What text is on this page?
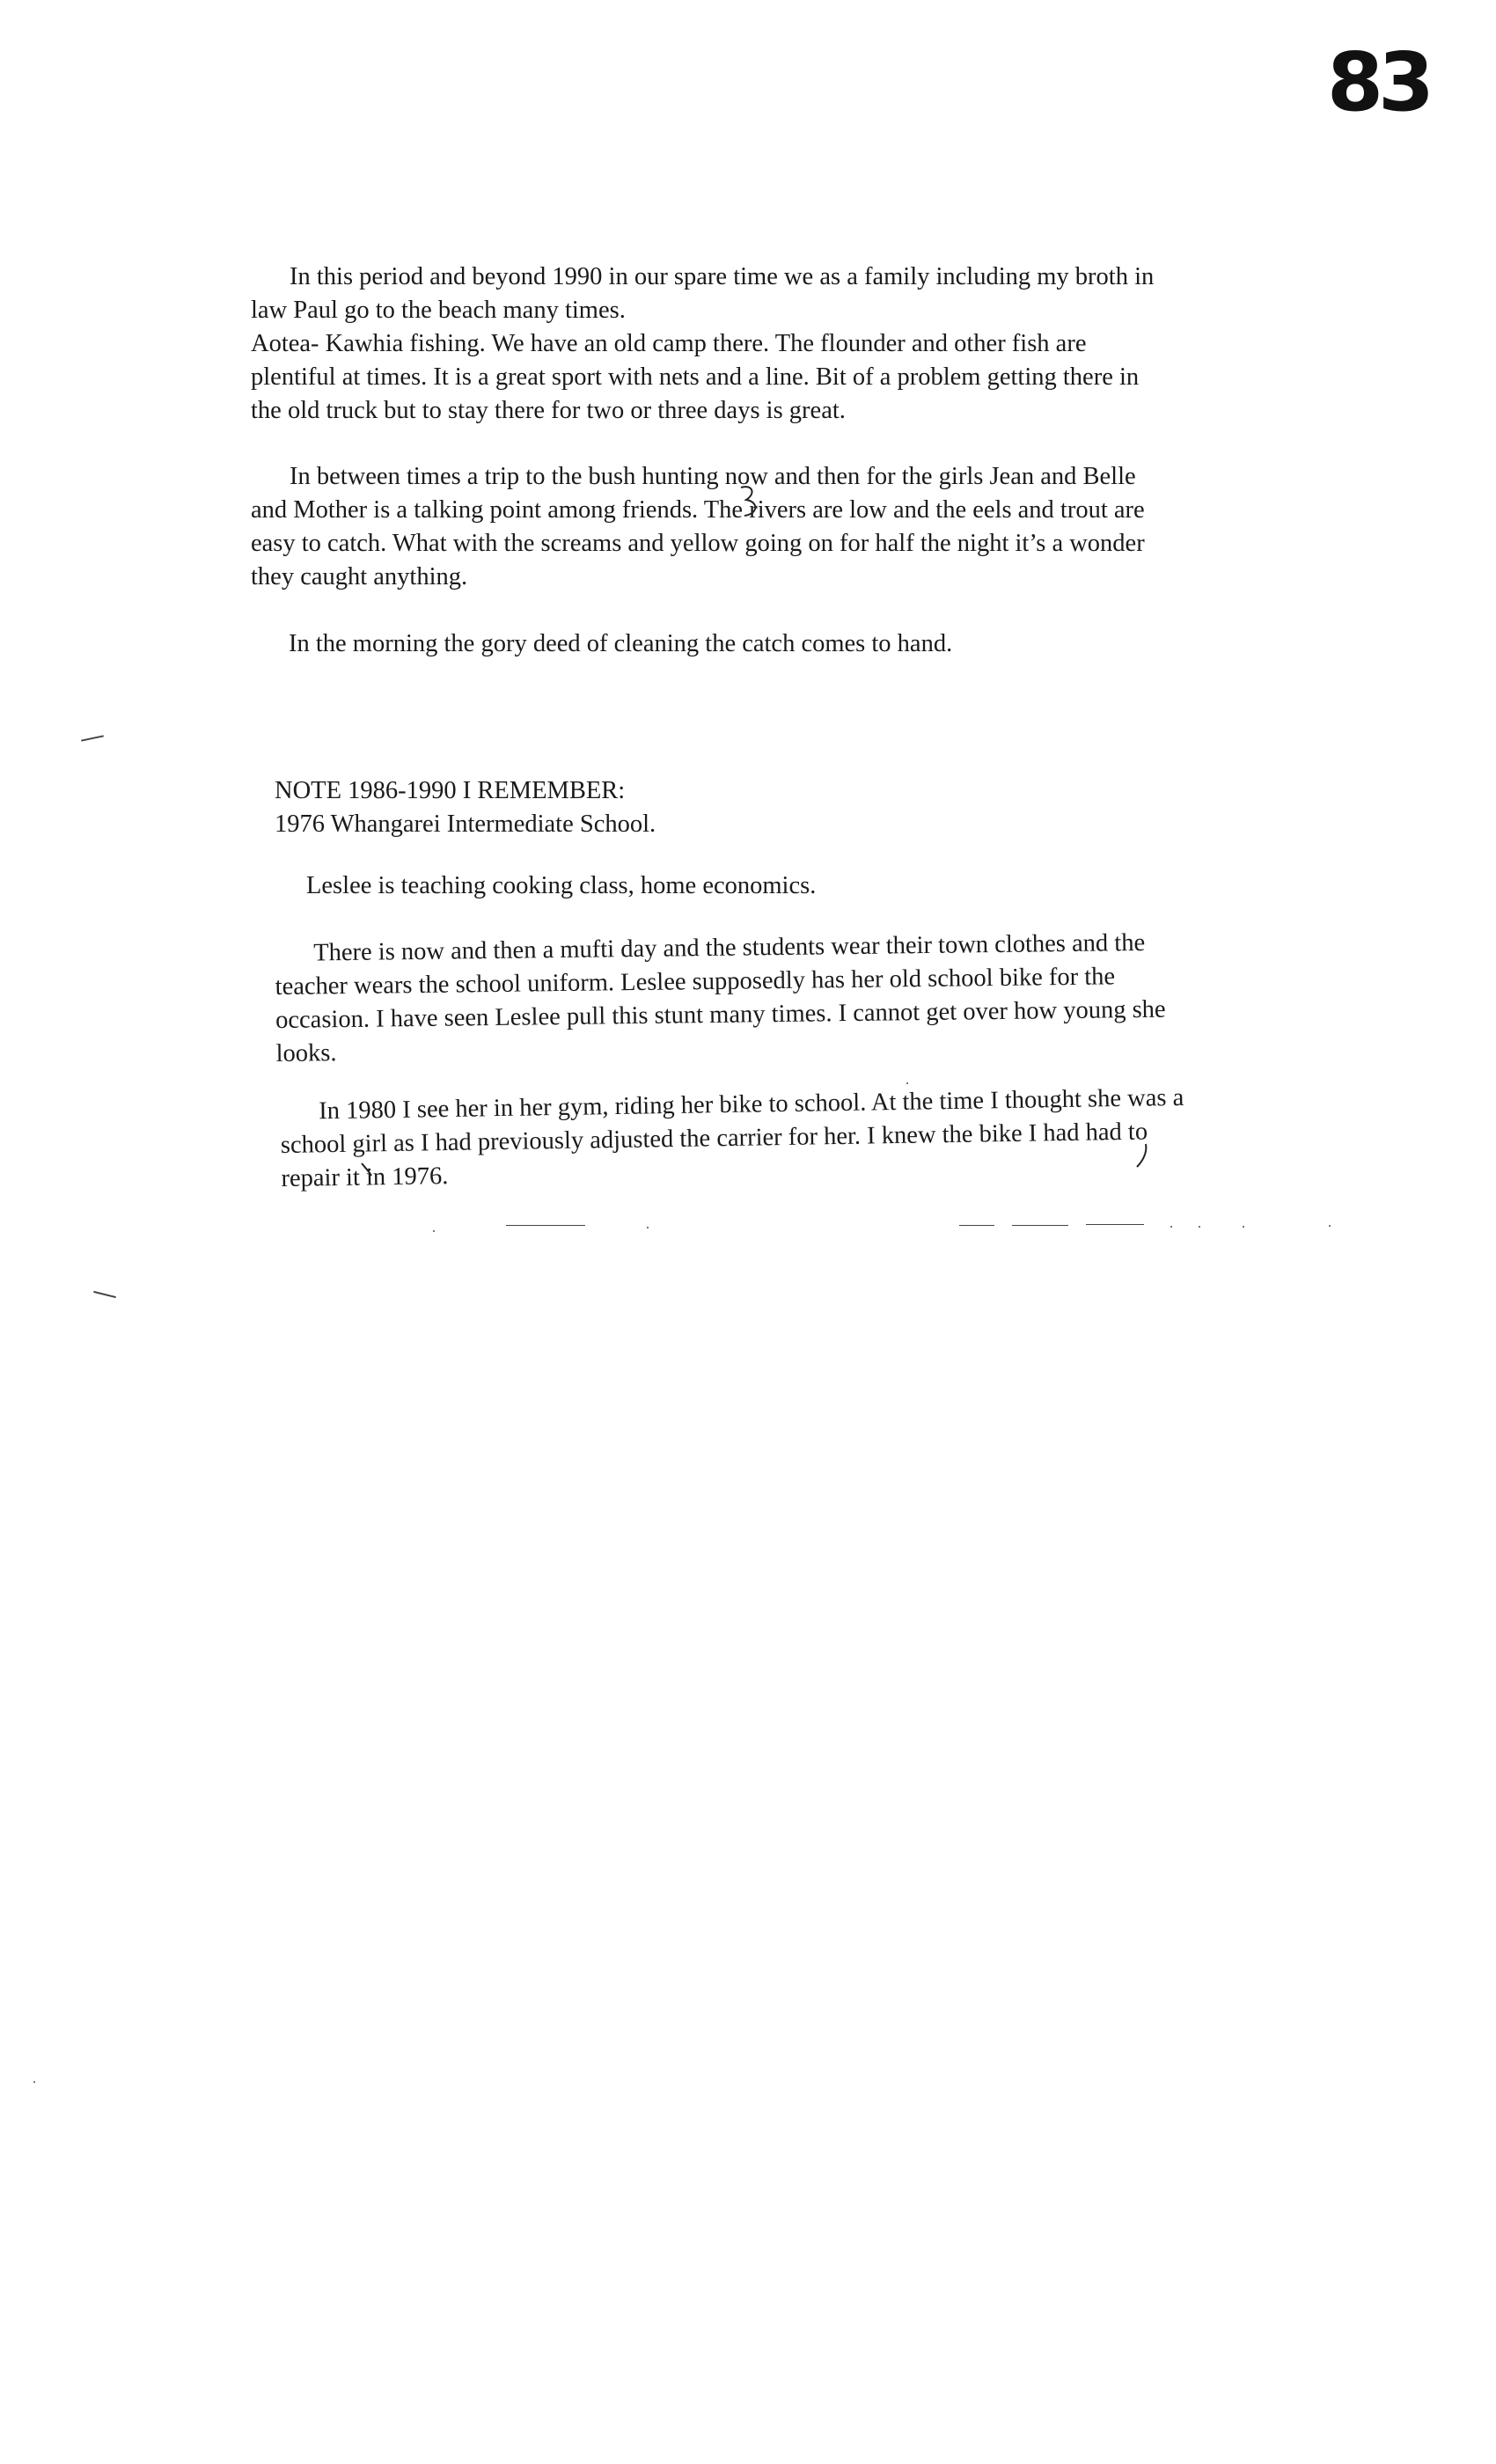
83
In this period and beyond 1990 in our spare time we as a family including my broth in
law Paul go to the beach many times.
Aotea- Kawhia fishing. We have an old camp there. The flounder and other fish are
plentiful at times. It is a great sport with nets and a line. Bit of a problem getting there in
the old truck but to stay there for two or three days is great.
In between times a trip to the bush hunting now and then for the girls Jean and Belle
and Mother is a talking point among friends. The rivers are low and the eels and trout are
easy to catch. What with the screams and yellow going on for half the night it’s a wonder
they caught anything.

In the morning the gory deed of cleaning the catch comes to hand.

NOTE 1986-1990 I REMEMBER:
1976 Whangarei Intermediate School.

Leslee is teaching cooking class, home economics.

There is now and then a mufti day and the students wear their town clothes and the
teacher wears the school uniform. Leslee supposedly has her old school bike for the
occasion. I have seen Leslee pull this stunt many times. I cannot get over how young she
looks.
In 1980 I see her in her gym, riding her bike to school. At the time I thought she was a
school girl as I had previously adjusted the carrier for her. I knew the bike I had had to
repair it in 1976.
